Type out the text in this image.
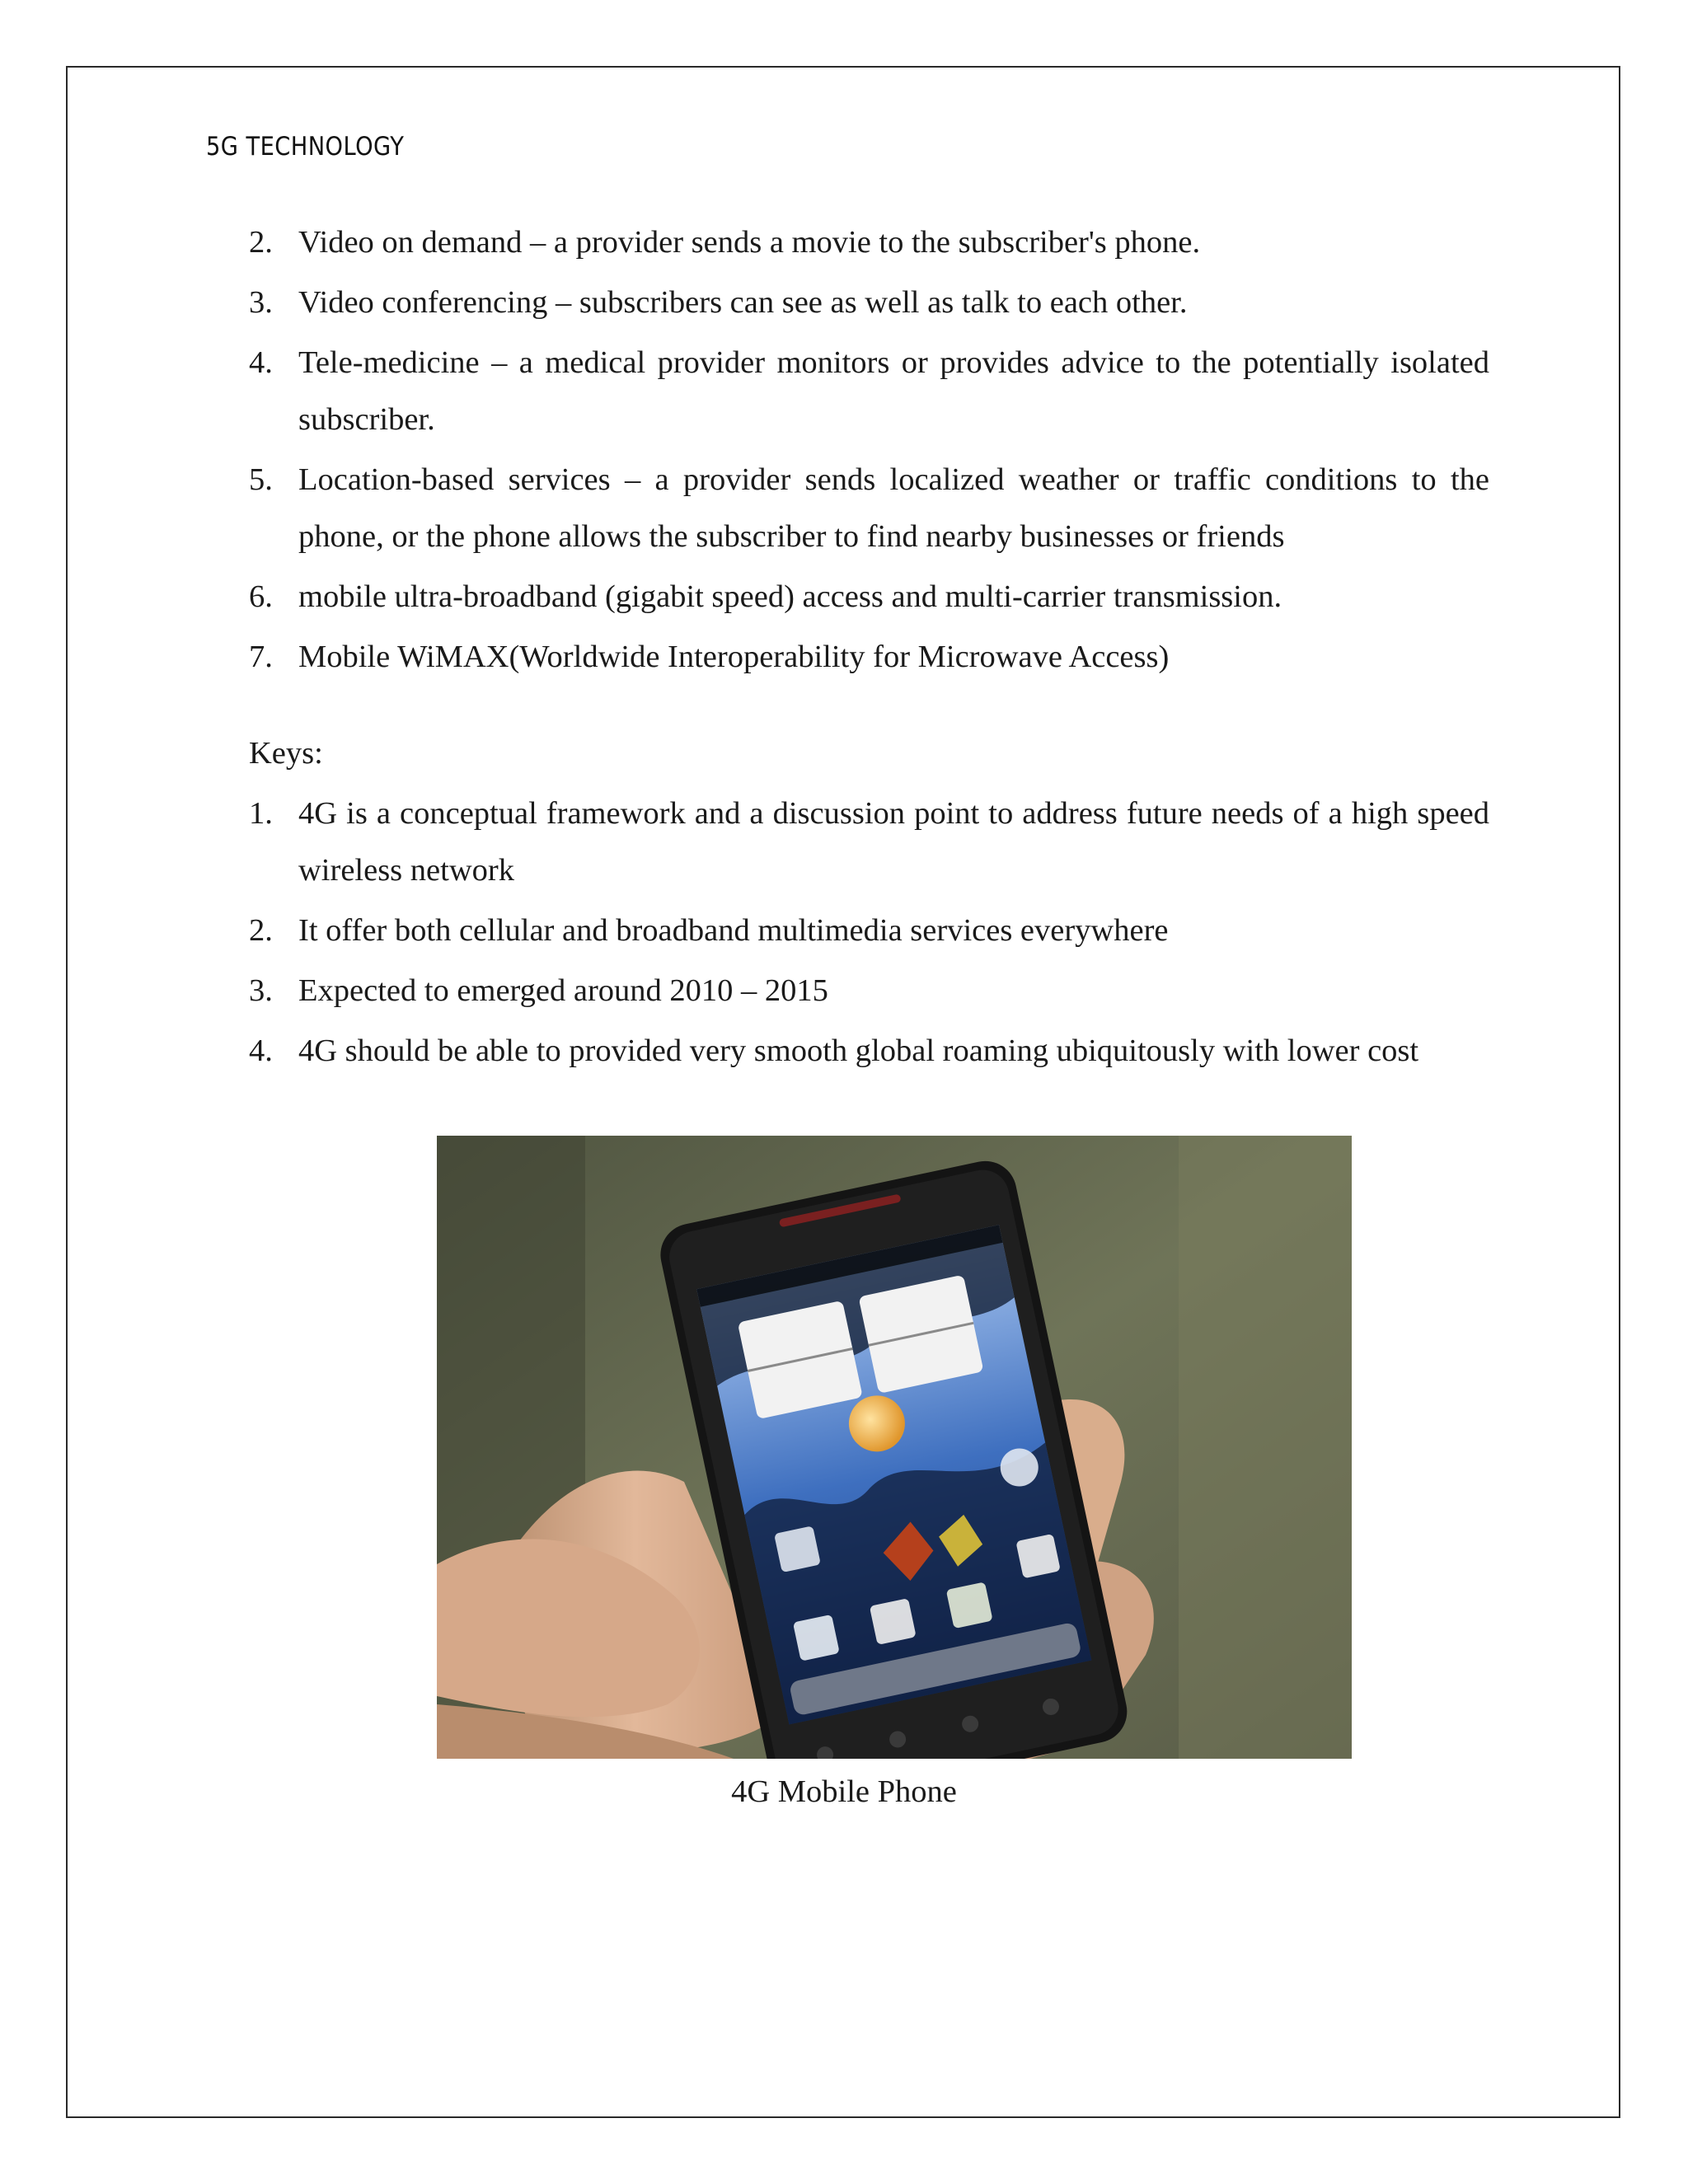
5G TECHNOLOGY
2. Video on demand – a provider sends a movie to the subscriber's phone.
3. Video conferencing – subscribers can see as well as talk to each other.
4. Tele-medicine – a medical provider monitors or provides advice to the potentially isolated subscriber.
5. Location-based services – a provider sends localized weather or traffic conditions to the phone, or the phone allows the subscriber to find nearby businesses or friends
6. mobile ultra-broadband (gigabit speed) access and multi-carrier transmission.
7. Mobile WiMAX(Worldwide Interoperability for Microwave Access)
Keys:
1. 4G is a conceptual framework and a discussion point to address future needs of a high speed wireless network
2. It offer both cellular and broadband multimedia services everywhere
3. Expected to emerged around 2010 – 2015
4. 4G should be able to provided very smooth global roaming ubiquitously with lower cost
4G Mobile Phone
